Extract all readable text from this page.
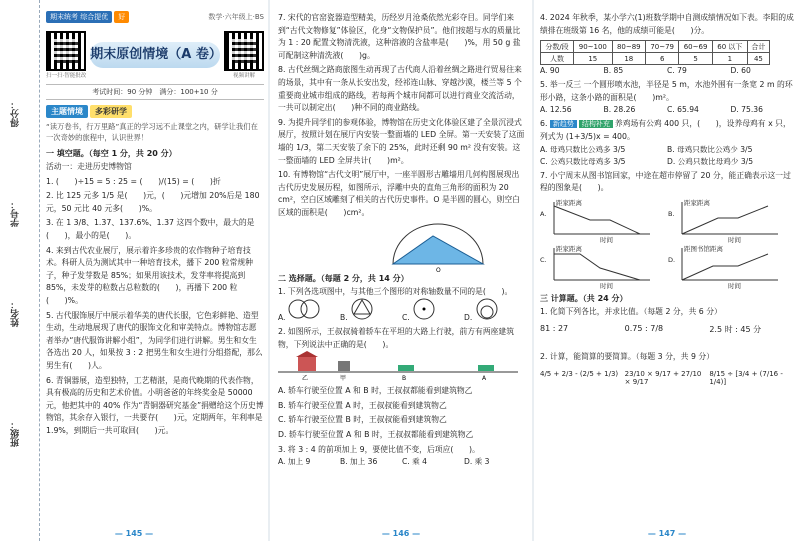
得分：
学号：
姓名：
班级：
期末统考 综合提优	好	数学·六年级上·BS
扫一扫·智能批改
期末原创情境（A 卷）
视频讲解
考试时间：90 分钟　满分：100+10 分
主题情境 多彩研学
“读万卷书，行万里路”真正的学习远不止课堂之内，研学让我们在一次奇妙的旅程中，认识世界！
一 填空题。（每空 1 分，共 20 分）
活动一：走进历史博物馆
1. (　　)÷15 = 5 : 25 = (　　)/(15) = (　　)折
2. 比 125 元多 1/5 是(　　)元，(　　)元增加 20%后是 180 元，50 元比 40 元多(　　)%。
3. 在 1 3/8、1.37、137.6%、1.37 这四个数中，最大的是(　　)，最小的是(　　)。
4. 来到古代农业展厅，展示着许多珍贵的农作物种子培育技术。科研人员为测试其中一种培育技术，播下 200 粒常规种子，种子发芽数是 85%；如果用该技术，发芽率将提高到 85%，未发芽的粒数占总粒数的(　　)，再播下 200 粒(　　)%。
5. 古代服饰展厅中展示着华美的唐代长服，它色彩鲜艳、造型生动，生动地展现了唐代的服饰文化和审美特点。博物馆志愿者举办“唐代服饰讲解小组”，为同学们进行讲解。男生和女生各选出 20 人，如果按 3 : 2 把男生和女生进行分组搭配，那么男生有(　　)人。
6. 青铜器展，造型独特，工艺精湛，是商代晚期的代表作物，具有极高的历史和艺术价值。小明爸爸的年终奖金是 50000 元，他把其中的 40% 作为“青铜器研究基金”捐赠给这个历史博物馆，其余存入银行，一共要存(　　)元，定期两年，年利率是 1.9%，到期后一共可取回(　　)元。
— 145 —
7. 宋代的官窑瓷器造型精美，历经岁月沧桑依然光彩夺目。同学们来到“古代文物修复”体验区，化身“文物保护员”。他们按超与水的质量比为 1 : 20 配置文物清洗液，这种溶液的含盐率是(　　)%，用 50 g 盐可配制这种清洗液(　　)g。
8. 古代丝绸之路商旅图生动再现了古代商人沿着丝绸之路进行贸易往来的场景，其中有一条从长安出发，经祁连山脉、穿越沙漠，楼兰等 5 个重要商业城市组成的路线，若每两个城市间都可以进行商业交流活动，一共可以制定出(　　)种不同的商业路线。
9. 为提升同学们的参观体验，博物馆在历史文化体验区建了全景沉浸式展厅，按照计划在展厅内安装一整面墙的 LED 全屏。第一天安装了这面墙的 1/3，第二天安装了余下的 25%，此时还剩 90 m² 没有安装。这一整面墙的 LED 全屏共计(　　)m²。
10. 有博物馆“古代文明”展厅中，一座半圆形古雕墙用几何构图展现出古代历史发展历程，如图所示，浮雕中央的直角三角形的面积为 20 cm²，空白区域雕刻了相关的古代历史事件。O 是半圆的圆心，则空白区域的面积是(　　)cm²。
O
二 选择题。（每题 2 分，共 14 分）
1. 下列各选项图中，与其他三个图形的对称轴数量不同的是(　　)。
A.	B.	C.	D.
2. 如图所示，王叔叔骑着轿车在平坦的大路上行驶，前方有两座建筑物，下列说法中正确的是(　　)。
乙	甲	B	A
A. 轿车行驶至位置 A 和 B 时，王叔叔都能看到建筑物乙
B. 轿车行驶至位置 A 时，王叔叔能看到建筑物乙
C. 轿车行驶至位置 B 时，王叔叔能看到建筑物乙
D. 轿车行驶至位置 A 和 B 时，王叔叔都能看到建筑物乙
3. 将 3 : 4 的前项加上 9，要使比值不变，后项应(　　)。
A. 加上 9	B. 加上 36	C. 乘 4	D. 乘 3
— 146 —
4. 2024 年秋季，某小学六(1)班数学期中自测成绩情况如下表。李阳的成绩排在班级第 16 名，他的成绩可能是(　　)分。
分数/段	90~100	80~89	70~79	60~69	60 以下	合计
人数	15	18	6	5	1	45
A. 90	B. 85	C. 79	D. 60
5. 举一反三 一个圆形喷水池，半径是 5 m，水池外围有一条宽 2 m 的环形小路，这条小路的面积是(　　)m²。
A. 12.56	B. 28.26	C. 65.94	D. 75.36
6. 新趋势 结构补充 养鸡场有公鸡 400 只，(　　)，设养母鸡有 x 只，列式为 (1+3/5)x = 400。
A. 母鸡只数比公鸡多 3/5	B. 母鸡只数比公鸡少 3/5
C. 公鸡只数比母鸡多 3/5	D. 公鸡只数比母鸡少 3/5
7. 小宁周末从图书馆回家，中途在超市停留了 20 分，能正确表示这一过程的图象是(　　)。
A.
距家距离
时间
B.
距家距离
时间
C.
距家距离
时间
D.
距图书馆距离
时间
三 计算题。（共 24 分）
1. 化简下列各比，并求比值。（每题 2 分，共 6 分）
81 : 27	0.75 : 7/8	2.5 时 : 45 分
2. 计算，能简算的要简算。（每题 3 分，共 9 分）
4/5 + 2/3 - (2/5 + 1/3) 23/10 × 9/17 + 27/10 × 9/17
8/15 ÷ [3/4 + (7/16 - 1/4)]
— 147 —
